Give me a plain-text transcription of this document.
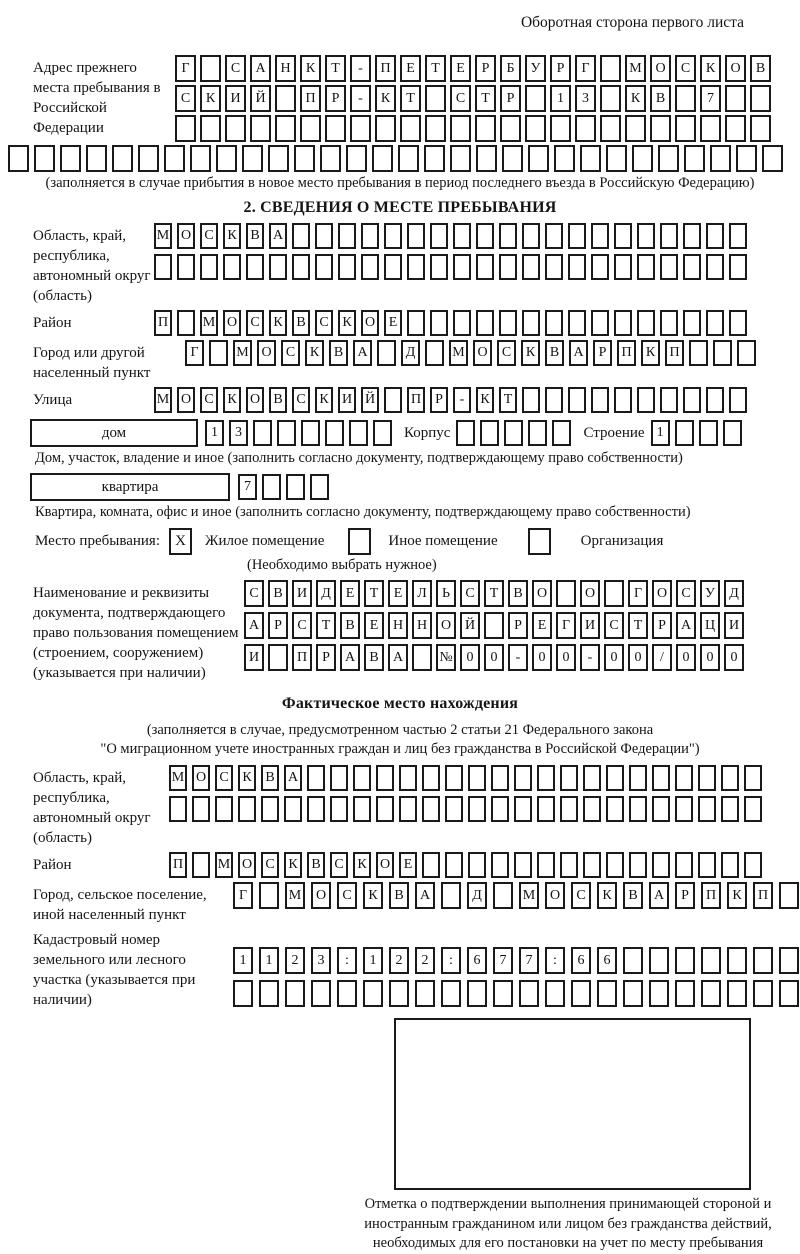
Оборотная сторона первого листа
Адрес прежнего места пребывания в Российской Федерации
Г	С	А	Н	К	Т	-	П	Е	Т	Е	Р	Б	У	Р	Г	М О	С	К	О	В
С	К	И	Й	П	Р	-	К	Т	С	Т	Р	1	3	К	В	7
(заполняется в случае прибытия в новое место пребывания в период последнего въезда в Российскую Федерацию)
2. СВЕДЕНИЯ О МЕСТЕ ПРЕБЫВАНИЯ
Область, край, республика, автономный округ (область)
М О С К В А
Район	П М О С К В С К О Е
Город или другой населенный пункт
Г	М О	С	К	В	А	Д	М О	С	К	В	А	Р	П	К	П
Улица	М О С К О В С К И Й	П	Р	-	К	Т
дом	1	3	Корпус	Строение 1
Дом, участок, владение и иное (заполнить согласно документу, подтверждающему право собственности)
квартира	7
Квартира, комната, офис и иное (заполнить согласно документу, подтверждающему право собственности)
Место пребывания:	X	Жилое помещение	Иное помещение	Организация
(Необходимо выбрать нужное)
Наименование и реквизиты документа, подтверждающего право пользования помещением (строением, сооружением) (указывается при наличии)
С	В	И	Д	Е	Т	Е	Л	Ь	С	Т	В	О	О	Г	О	С	У	Д
А	Р	С	Т	В	Е	Н Н О Й	Р	Е	Г	И	С	Т	Р	А Ц И
И	П	Р	А	В	А	№ 0	0	-	0	0	-	0	0	/	0	0	0
Фактическое место нахождения
(заполняется в случае, предусмотренном частью 2 статьи 21 Федерального закона
"О миграционном учете иностранных граждан и лиц без гражданства в Российской Федерации")
Область, край, республика, автономный округ (область)
М О С К В А
Район	П М О С К В С К О Е
Город, сельское поселение, иной населенный пункт
Г	М	О	С	К	В	А	Д	М	О	С	К	В	А	Р	П	К	П
Кадастровый номер земельного или лесного участка (указывается при наличии)
1	1	2	3	:	1	2	2	:	6	7	7	:	6	6
Отметка о подтверждении выполнения принимающей стороной и иностранным гражданином или лицом без гражданства действий, необходимых для его постановки на учет по месту пребывания
